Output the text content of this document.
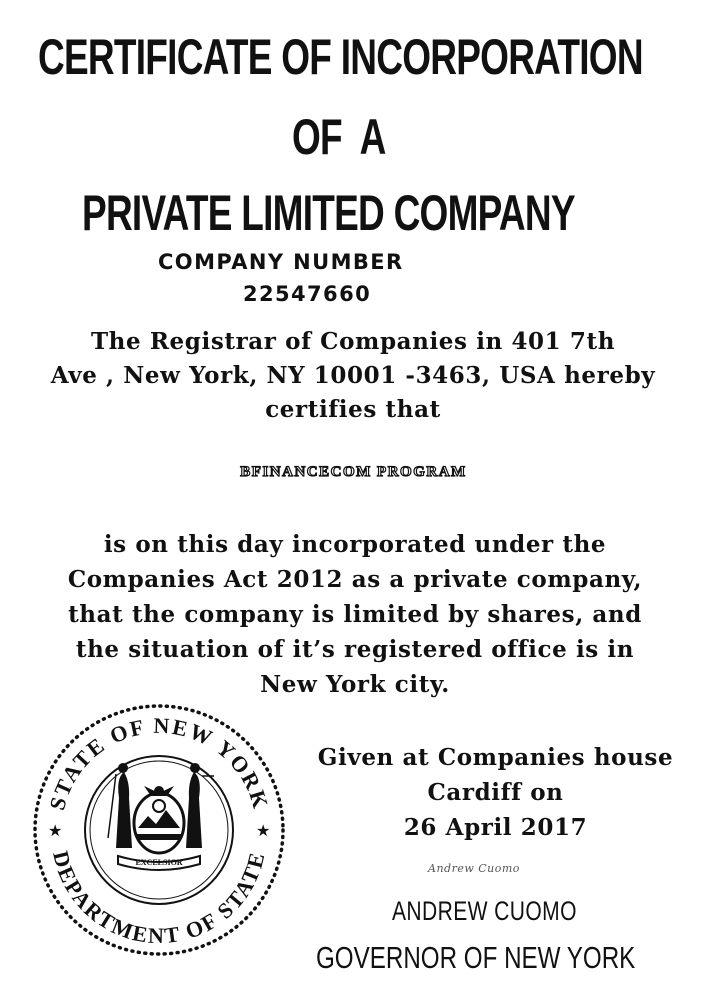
CERTIFICATE OF INCORPORATION
OF  A
PRIVATE LIMITED COMPANY
COMPANY NUMBER
22547660
The Registrar of Companies in 401 7th
Ave , New York, NY 10001 -3463, USA hereby
certifies that
BFINANCECOM PROGRAM
is on this day incorporated under the
Companies Act 2012 as a private company,
that the company is limited by shares, and
the situation of it’s registered office is in
New York city.
Given at Companies house
Cardiff on
26 April 2017
Andrew Cuomo
ANDREW CUOMO
GOVERNOR OF NEW YORK
STATE OF NEW YORK
DEPARTMENT OF STATE
★	★
EXCELSIOR
